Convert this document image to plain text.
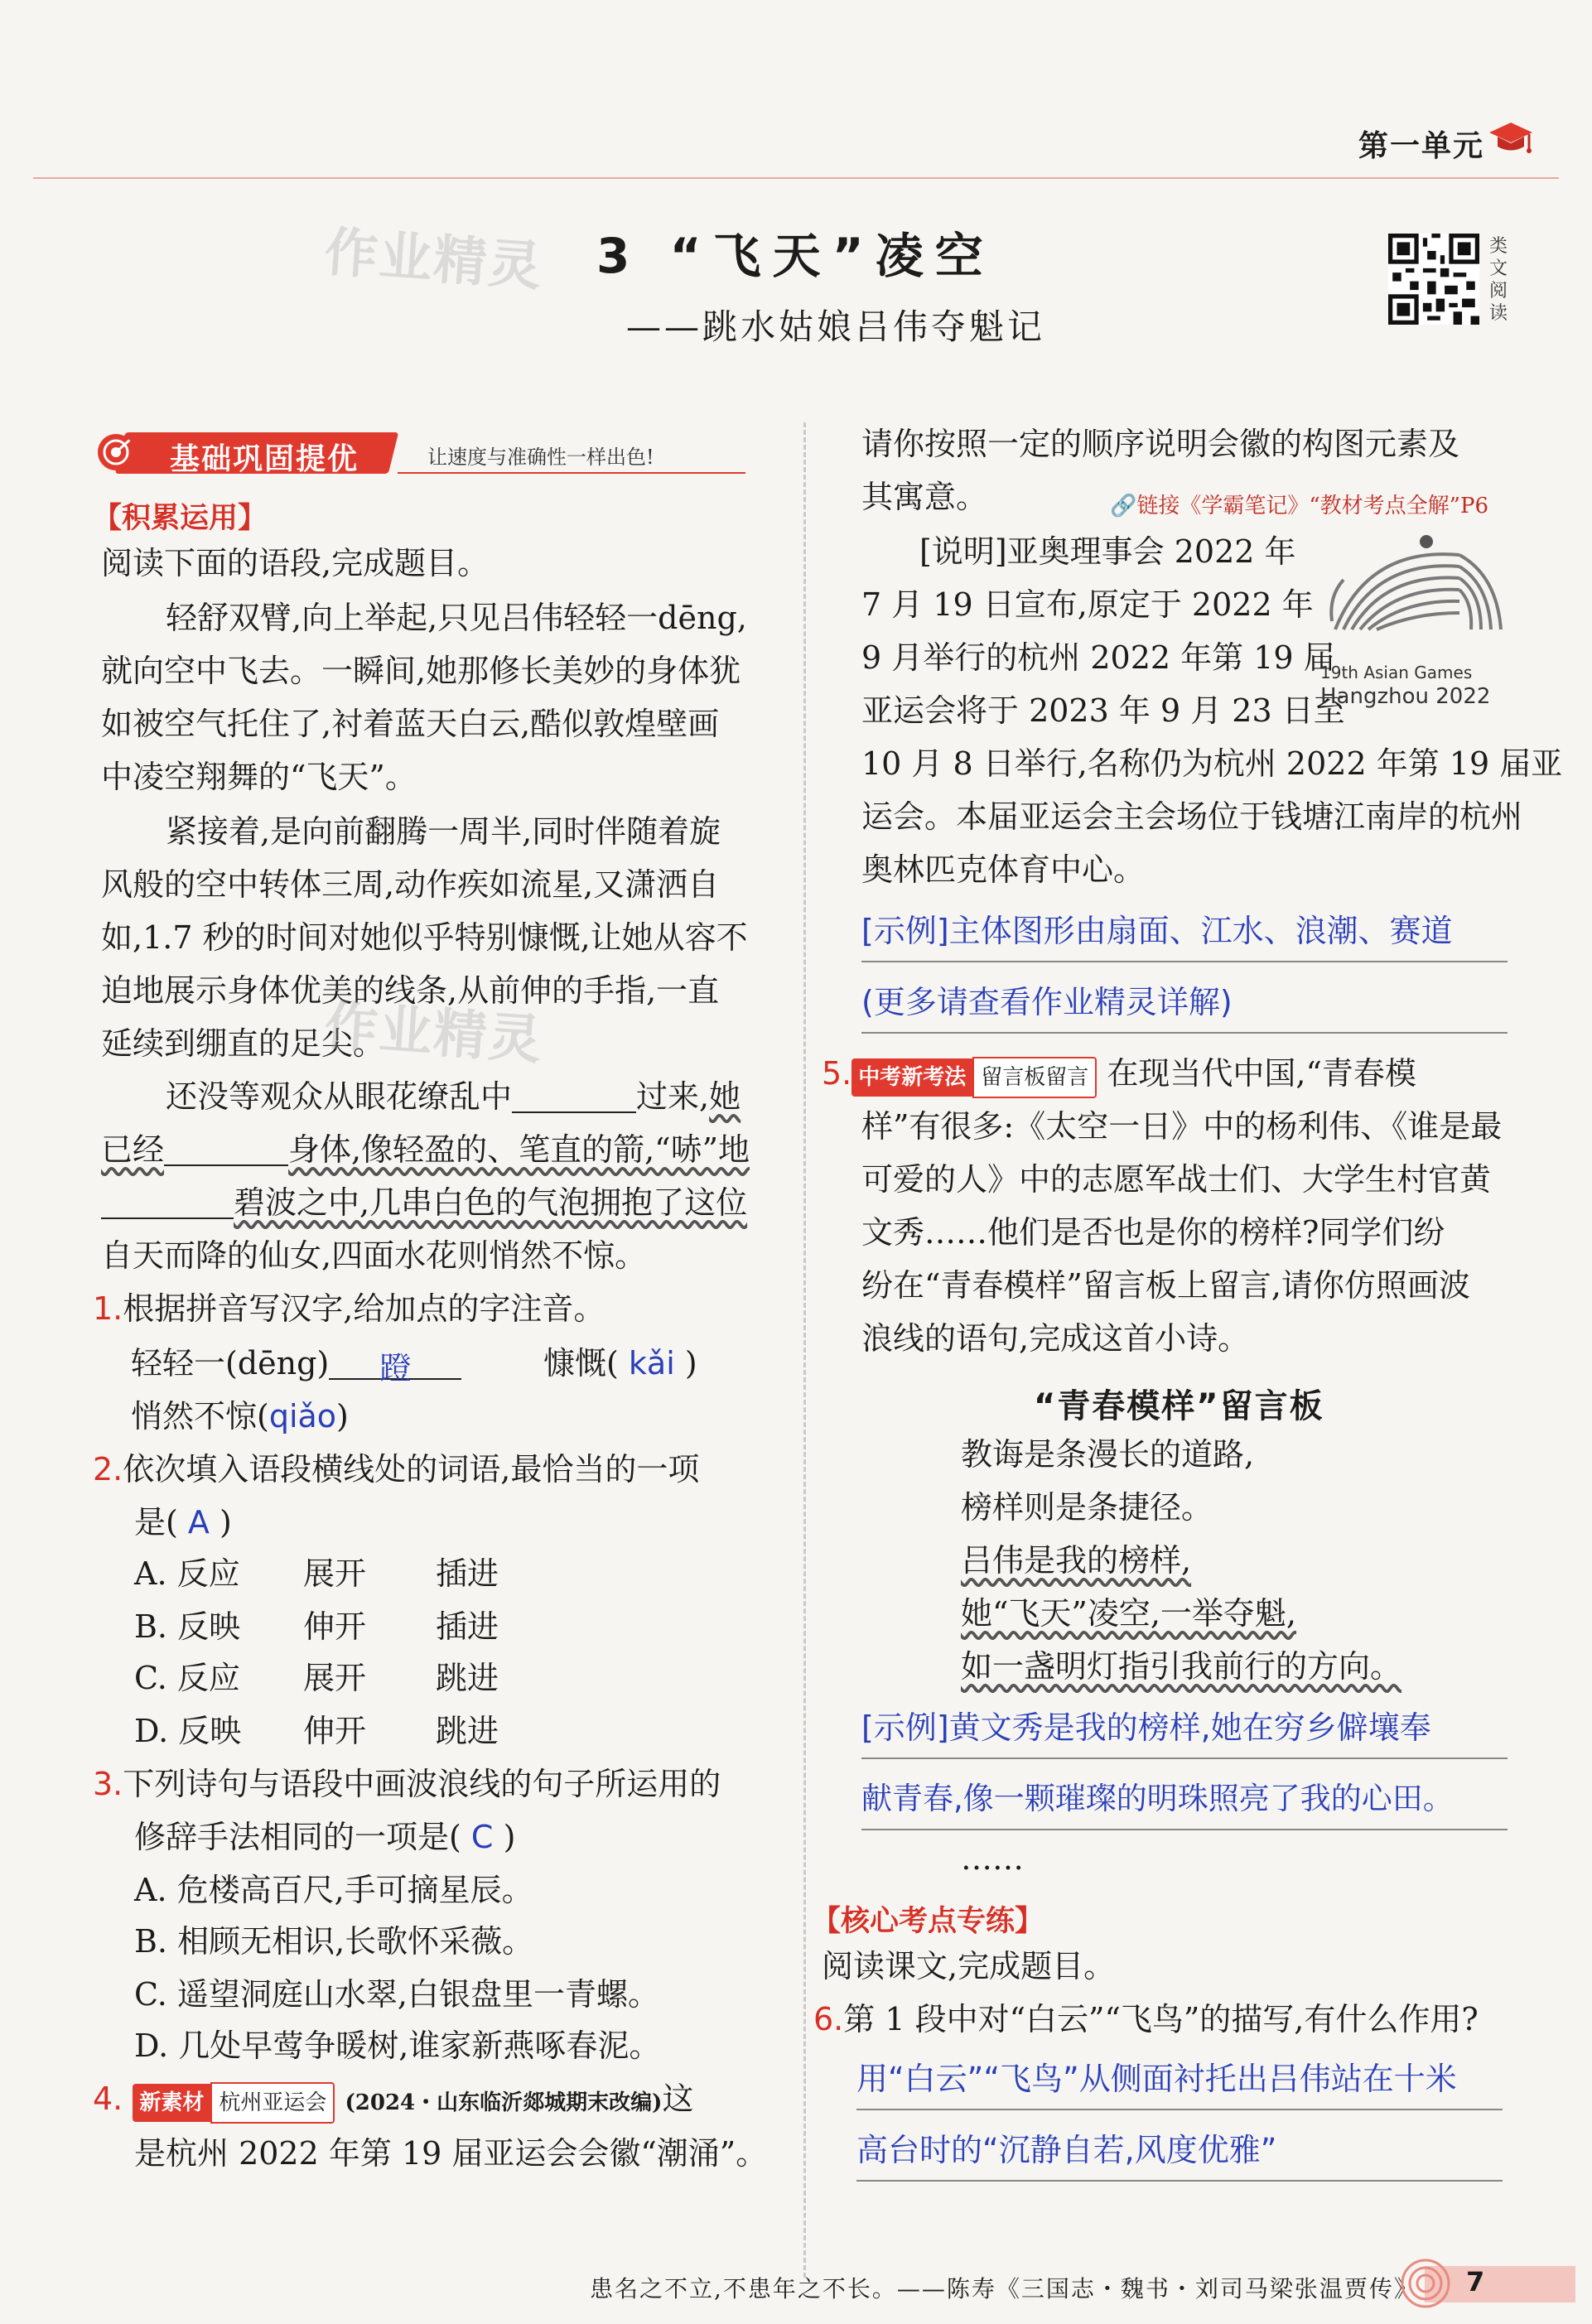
第一单元
作业精灵 3 “飞天”凌空
——跳水姑娘吕伟夺魁记
类文阅读
基础巩固提优	让速度与准确性一样出色!
【积累运用】
阅读下面的语段,完成题目。
轻舒双臂,向上举起,只见吕伟轻轻一dēng,
就向空中飞去。一瞬间,她那修长美妙的身体犹
如被空气托住了,衬着蓝天白云,酷似敦煌壁画
中凌空翔舞的“飞天”。
紧接着,是向前翻腾一周半,同时伴随着旋
风般的空中转体三周,动作疾如流星,又潇洒自
如,1.7 秒的时间对她似乎特别慷慨,让她从容不
迫地展示身体优美的线条,从前伸的手指,一直
延续到绷直的足尖。
作业精灵
还没等观众从眼花缭乱中	过来,她
已经	身体,像轻盈的、笔直的箭,“哧”地
碧波之中,几串白色的气泡拥抱了这位
自天而降的仙女,四面水花则悄然不惊。
1.根据拼音写汉字,给加点的字注音。
轻轻一(dēng) 蹬	慷慨( kǎi )
悄然不惊(qiǎo)
2.依次填入语段横线处的词语,最恰当的一项
是( A )
A. 反应 展开 插进
B. 反映 伸开 插进
C. 反应 展开 跳进
D. 反映 伸开 跳进
3.下列诗句与语段中画波浪线的句子所运用的
修辞手法相同的一项是( C )
A. 危楼高百尺,手可摘星辰。
B. 相顾无相识,长歌怀采薇。
C. 遥望洞庭山水翠,白银盘里一青螺。
D. 几处早莺争暖树,谁家新燕啄春泥。
4. 新素材 杭州亚运会 (2024・山东临沂郯城期末改编)这
是杭州 2022 年第 19 届亚运会会徽“潮涌”。
请你按照一定的顺序说明会徽的构图元素及
其寓意。	🔗链接《学霸笔记》“教材考点全解”P6
[说明]亚奥理事会 2022 年
7 月 19 日宣布,原定于 2022 年
9 月举行的杭州 2022 年第 19 届
亚运会将于 2023 年 9 月 23 日至
10 月 8 日举行,名称仍为杭州 2022 年第 19 届亚
运会。本届亚运会主会场位于钱塘江南岸的杭州
奥林匹克体育中心。
19th Asian Games
Hangzhou 2022
[示例]主体图形由扇面、江水、浪潮、赛道
(更多请查看作业精灵详解)
5. 中考新考法 留言板留言 在现当代中国,“青春模
样”有很多:《太空一日》中的杨利伟、《谁是最
可爱的人》中的志愿军战士们、大学生村官黄
文秀……他们是否也是你的榜样?同学们纷
纷在“青春模样”留言板上留言,请你仿照画波
浪线的语句,完成这首小诗。
“青春模样”留言板
教诲是条漫长的道路,
榜样则是条捷径。
吕伟是我的榜样,
她“飞天”凌空,一举夺魁,
如一盏明灯指引我前行的方向。
[示例]黄文秀是我的榜样,她在穷乡僻壤奉
献青春,像一颗璀璨的明珠照亮了我的心田。
……
【核心考点专练】
阅读课文,完成题目。
6.第 1 段中对“白云”“飞鸟”的描写,有什么作用?
用“白云”“飞鸟”从侧面衬托出吕伟站在十米
高台时的“沉静自若,风度优雅”
患名之不立,不患年之不长。——陈寿《三国志・魏书・刘司马梁张温贾传》 7
